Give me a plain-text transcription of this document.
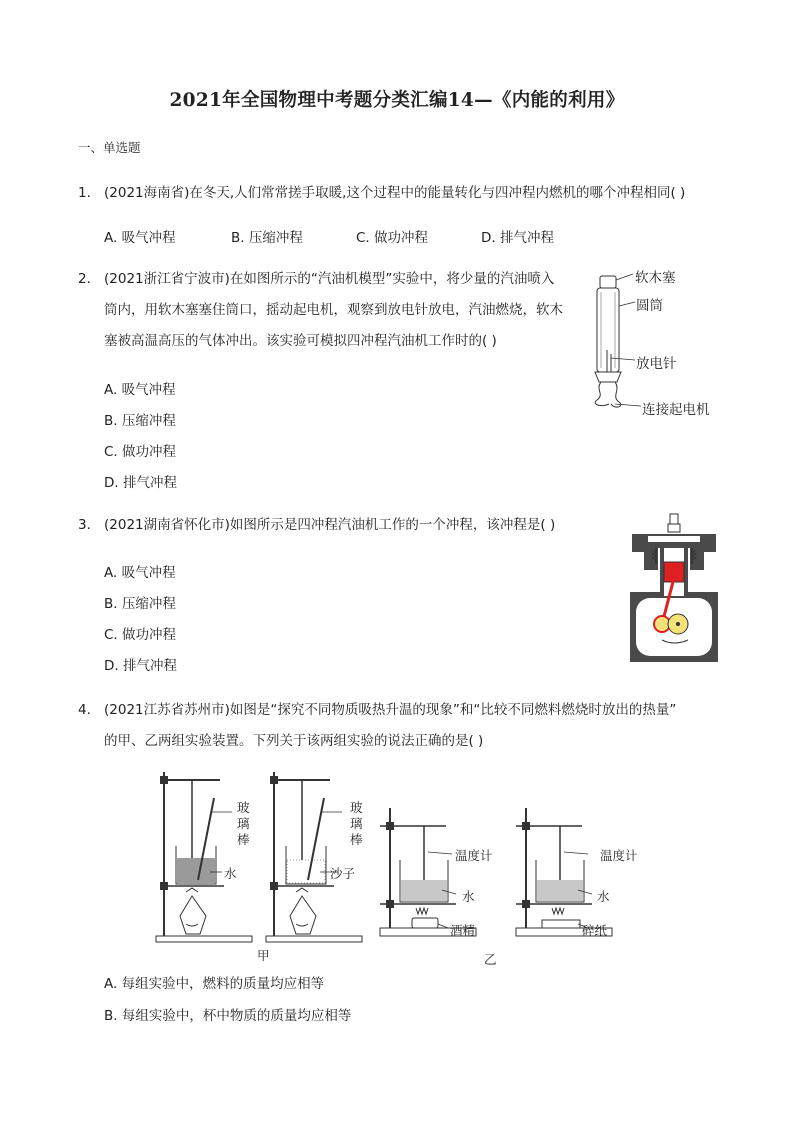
2021年全国物理中考题分类汇编14—《内能的利用》
一、单选题
1. (2021海南省)在冬天,人们常常搓手取暖,这个过程中的能量转化与四冲程内燃机的哪个冲程相同( )
A. 吸气冲程	B. 压缩冲程	C. 做功冲程	D. 排气冲程
2. (2021浙江省宁波市)在如图所示的“汽油机模型”实验中，将少量的汽油喷入
筒内，用软木塞塞住筒口，摇动起电机，观察到放电针放电，汽油燃烧，软木
塞被高温高压的气体冲出。该实验可模拟四冲程汽油机工作时的( )
A. 吸气冲程
B. 压缩冲程
C. 做功冲程
D. 排气冲程
软木塞
圆筒
放电针
连接起电机
3. (2021湖南省怀化市)如图所示是四冲程汽油机工作的一个冲程，该冲程是( )
A. 吸气冲程
B. 压缩冲程
C. 做功冲程
D. 排气冲程
4. (2021江苏省苏州市)如图是“探究不同物质吸热升温的现象”和“比较不同燃料燃烧时放出的热量”
的甲、乙两组实验装置。下列关于该两组实验的说法正确的是( )
玻
璃
棒
水
玻
璃
棒
沙子
温度计
水
酒精
温度计
水
碎纸
甲	乙
A. 每组实验中，燃料的质量均应相等
B. 每组实验中，杯中物质的质量均应相等
